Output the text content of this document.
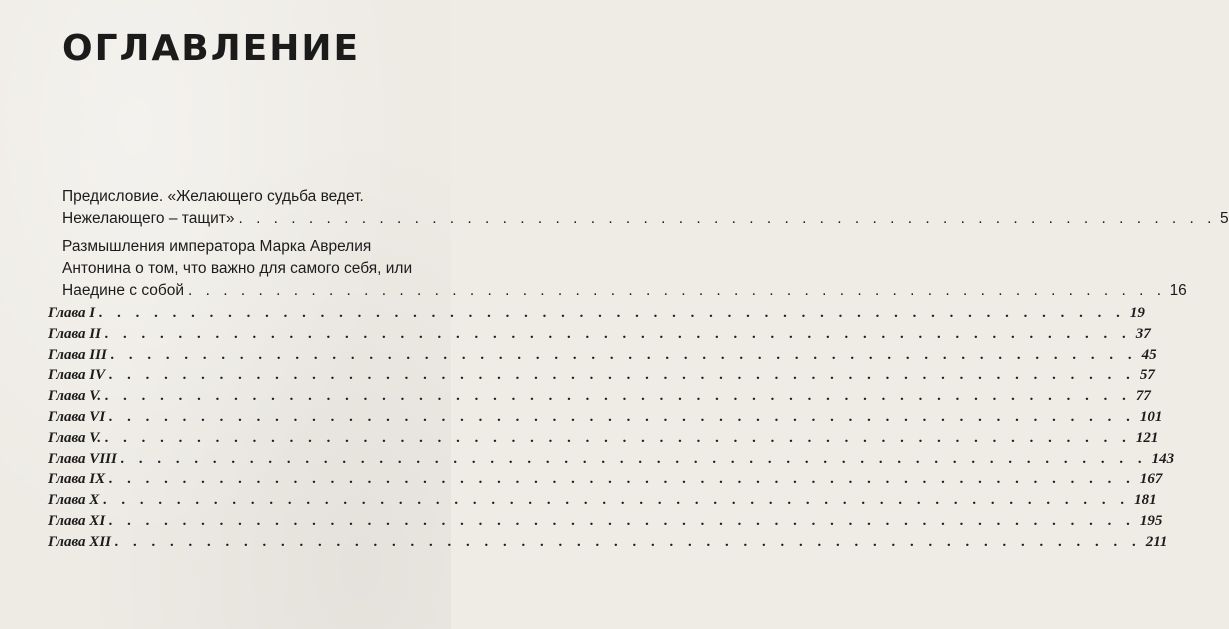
ОГЛАВЛЕНИЕ
Предисловие. «Желающего судьба ведет.
Нежелающего – тащит» . . . . . . . . . . . . . . . . . . . . . . . . . . . . . . . . . . . . . . . . . . . . . . . . . . . . . . . . 5
Размышления императора Марка Аврелия
Антонина о том, что важно для самого себя, или
Наедине с собой . . . . . . . . . . . . . . . . . . . . . . . . . . . . . . . . . . . . . . . . . . . . . . . . . . . . . . . . 16
Глава I . . . . . . . . . . . . . . . . . . . . . . . . . . . . . . . . . . . . . . . . . . . . . . . . . . . . . . . . 19
Глава II . . . . . . . . . . . . . . . . . . . . . . . . . . . . . . . . . . . . . . . . . . . . . . . . . . . . . . . . 37
Глава III . . . . . . . . . . . . . . . . . . . . . . . . . . . . . . . . . . . . . . . . . . . . . . . . . . . . . . . . 45
Глава IV . . . . . . . . . . . . . . . . . . . . . . . . . . . . . . . . . . . . . . . . . . . . . . . . . . . . . . . . 57
Глава V. . . . . . . . . . . . . . . . . . . . . . . . . . . . . . . . . . . . . . . . . . . . . . . . . . . . . . . . . 77
Глава VI . . . . . . . . . . . . . . . . . . . . . . . . . . . . . . . . . . . . . . . . . . . . . . . . . . . . . . . . 101
Глава V. . . . . . . . . . . . . . . . . . . . . . . . . . . . . . . . . . . . . . . . . . . . . . . . . . . . . . . . . 121
Глава VIII . . . . . . . . . . . . . . . . . . . . . . . . . . . . . . . . . . . . . . . . . . . . . . . . . . . . . . . . 143
Глава IX . . . . . . . . . . . . . . . . . . . . . . . . . . . . . . . . . . . . . . . . . . . . . . . . . . . . . . . . 167
Глава X . . . . . . . . . . . . . . . . . . . . . . . . . . . . . . . . . . . . . . . . . . . . . . . . . . . . . . . . 181
Глава XI . . . . . . . . . . . . . . . . . . . . . . . . . . . . . . . . . . . . . . . . . . . . . . . . . . . . . . . . 195
Глава XII . . . . . . . . . . . . . . . . . . . . . . . . . . . . . . . . . . . . . . . . . . . . . . . . . . . . . . . . 211
